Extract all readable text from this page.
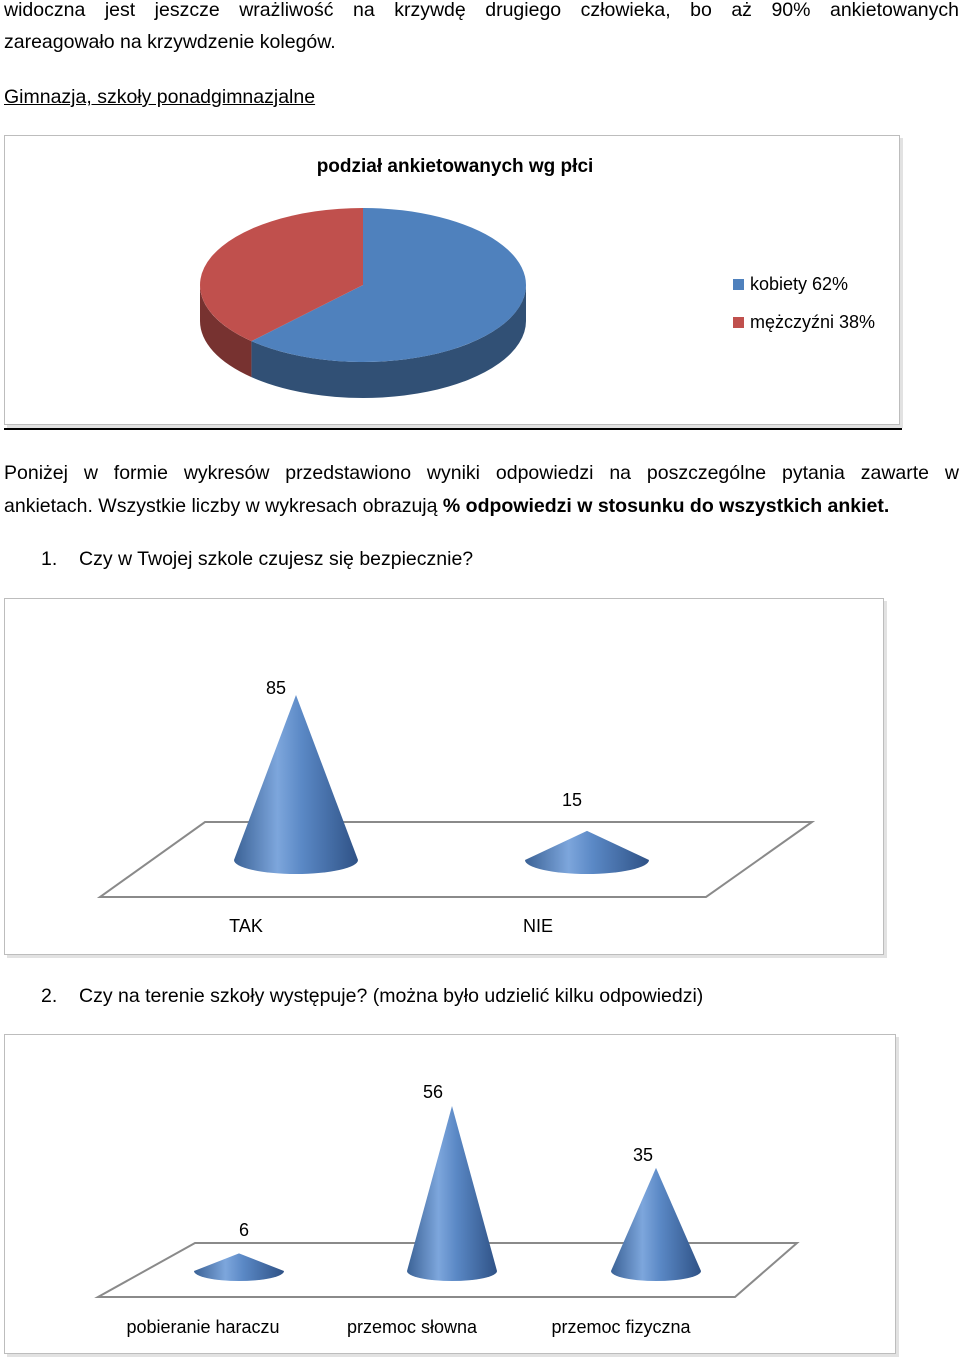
widoczna jest jeszcze wrażliwość na krzywdę drugiego człowieka, bo aż 90% ankietowanych
zareagowało na krzywdzenie kolegów.
Gimnazja, szkoły ponadgimnazjalne
podział ankietowanych wg płci
kobiety 62%
mężczyźni 38%
Poniżej w formie wykresów przedstawiono wyniki odpowiedzi na poszczególne pytania zawarte w
ankietach. Wszystkie liczby w wykresach obrazują % odpowiedzi w stosunku do wszystkich ankiet.
1. Czy w Twojej szkole czujesz się bezpiecznie?
2. Czy na terenie szkoły występuje? (można było udzielić kilku odpowiedzi)
85
TAK
15
NIE
6
pobieranie haraczu
56
przemoc słowna
35
przemoc fizyczna
